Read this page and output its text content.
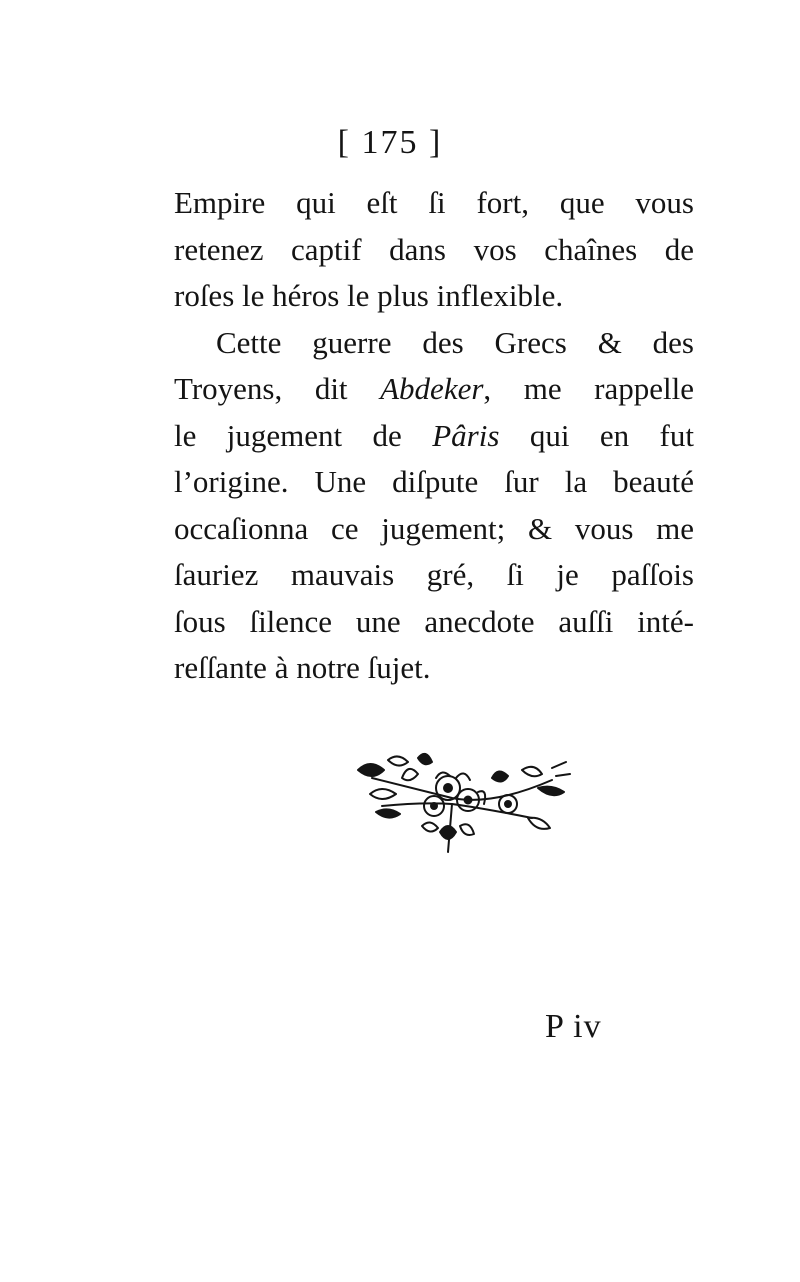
[ 175 ]
Empire qui eſt ſi fort, que vous
retenez captif dans vos chaînes de
roſes le héros le plus inflexible.
Cette guerre des Grecs & des
Troyens, dit Abdeker, me rappelle
le jugement de Pâris qui en fut
l’origine. Une diſpute ſur la beauté
occaſionna ce jugement; & vous me
ſauriez mauvais gré, ſi je paſſois
ſous ſilence une anecdote auſſi inté-
reſſante à notre ſujet.
P iv
